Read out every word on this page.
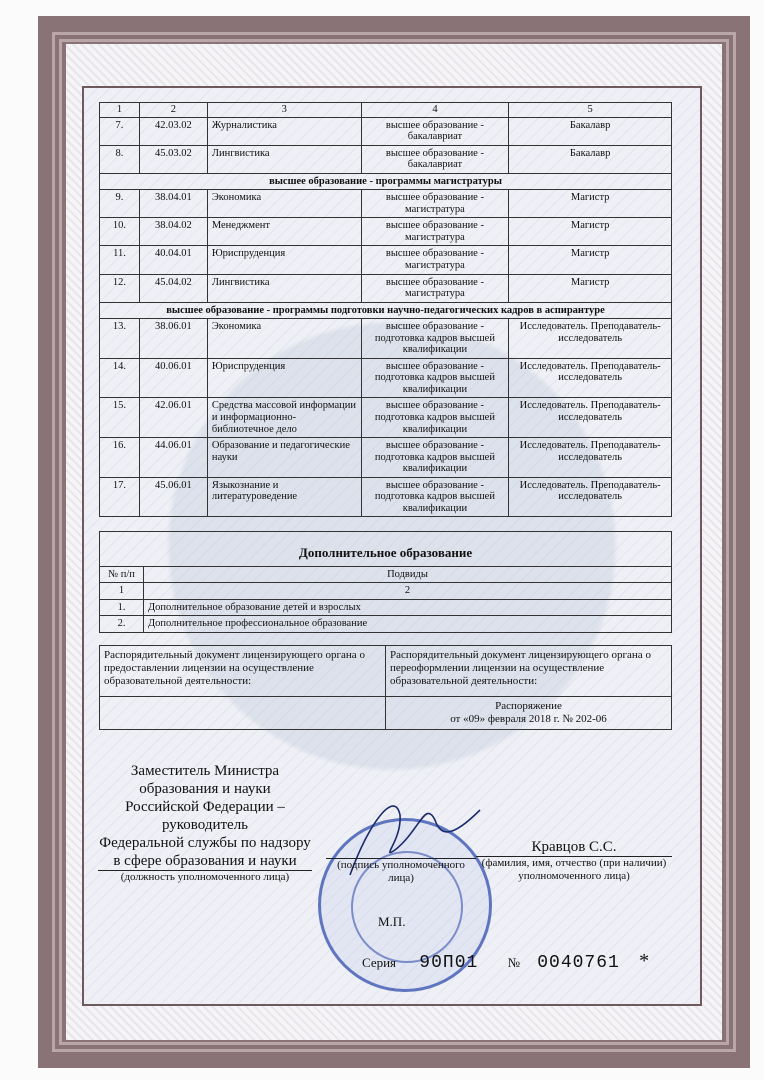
1	2	3	4	5
7.	42.03.02	Журналистика	высшее образование - бакалавриат	Бакалавр
8.	45.03.02	Лингвистика	высшее образование - бакалавриат	Бакалавр
высшее образование - программы магистратуры				
9.	38.04.01	Экономика	высшее образование - магистратура	Магистр
10.	38.04.02	Менеджмент	высшее образование - магистратура	Магистр
11.	40.04.01	Юриспруденция	высшее образование - магистратура	Магистр
12.	45.04.02	Лингвистика	высшее образование - магистратура	Магистр
высшее образование - программы подготовки научно-педагогических кадров в аспирантуре				
13.	38.06.01	Экономика	высшее образование - подготовка кадров высшей квалификации	Исследователь. Преподаватель-исследователь
14.	40.06.01	Юриспруденция	высшее образование - подготовка кадров высшей квалификации	Исследователь. Преподаватель-исследователь
15.	42.06.01	Средства массовой информации и информационно-библиотечное дело	высшее образование - подготовка кадров высшей квалификации	Исследователь. Преподаватель-исследователь
16.	44.06.01	Образование и педагогические науки	высшее образование - подготовка кадров высшей квалификации	Исследователь. Преподаватель-исследователь
17.	45.06.01	Языкознание и литературоведение	высшее образование - подготовка кадров высшей квалификации	Исследователь. Преподаватель-исследователь
Дополнительное образование	
№ п/п	Подвиды
1	2
1.	Дополнительное образование детей и взрослых
2.	Дополнительное профессиональное образование
Распорядительный документ лицензирующего органа о предоставлении лицензии на осуществление образовательной деятельности:	Распорядительный документ лицензирующего органа о переоформлении лицензии на осуществление образовательной деятельности:

	Распоряжение
от «09» февраля 2018 г. № 202-06
Заместитель Министра
образования и науки
Российской Федерации –
руководитель
Федеральной службы по надзору
в сфере образования и науки
(должность уполномоченного лица)
(подпись уполномоченного лица)
Кравцов С.С.
(фамилия, имя, отчество (при наличии) уполномоченного лица)
М.П.
Серия 90П01 № 0040761 *
